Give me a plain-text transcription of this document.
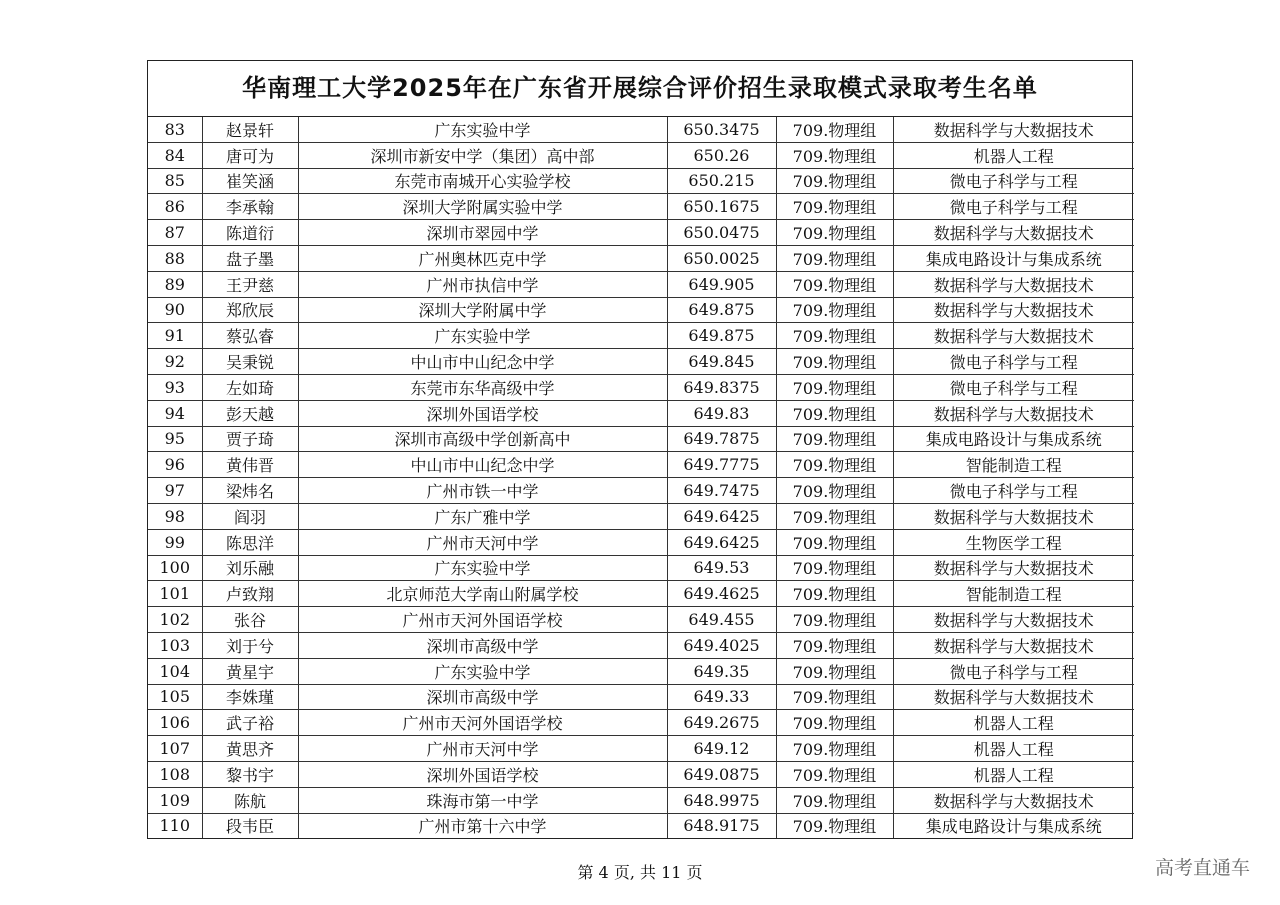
华南理工大学2025年在广东省开展综合评价招生录取模式录取考生名单
83	赵景轩	广东实验中学	650.3475	709.物理组	数据科学与大数据技术
84	唐可为	深圳市新安中学（集团）高中部	650.26	709.物理组	机器人工程
85	崔笑涵	东莞市南城开心实验学校	650.215	709.物理组	微电子科学与工程
86	李承翰	深圳大学附属实验中学	650.1675	709.物理组	微电子科学与工程
87	陈道衍	深圳市翠园中学	650.0475	709.物理组	数据科学与大数据技术
88	盘子墨	广州奥林匹克中学	650.0025	709.物理组	集成电路设计与集成系统
89	王尹慈	广州市执信中学	649.905	709.物理组	数据科学与大数据技术
90	郑欣辰	深圳大学附属中学	649.875	709.物理组	数据科学与大数据技术
91	蔡弘睿	广东实验中学	649.875	709.物理组	数据科学与大数据技术
92	吴秉锐	中山市中山纪念中学	649.845	709.物理组	微电子科学与工程
93	左如琦	东莞市东华高级中学	649.8375	709.物理组	微电子科学与工程
94	彭天越	深圳外国语学校	649.83	709.物理组	数据科学与大数据技术
95	贾子琦	深圳市高级中学创新高中	649.7875	709.物理组	集成电路设计与集成系统
96	黄伟晋	中山市中山纪念中学	649.7775	709.物理组	智能制造工程
97	梁炜名	广州市铁一中学	649.7475	709.物理组	微电子科学与工程
98	阎羽	广东广雅中学	649.6425	709.物理组	数据科学与大数据技术
99	陈思洋	广州市天河中学	649.6425	709.物理组	生物医学工程
100	刘乐融	广东实验中学	649.53	709.物理组	数据科学与大数据技术
101	卢致翔	北京师范大学南山附属学校	649.4625	709.物理组	智能制造工程
102	张谷	广州市天河外国语学校	649.455	709.物理组	数据科学与大数据技术
103	刘于兮	深圳市高级中学	649.4025	709.物理组	数据科学与大数据技术
104	黄星宇	广东实验中学	649.35	709.物理组	微电子科学与工程
105	李姝瑾	深圳市高级中学	649.33	709.物理组	数据科学与大数据技术
106	武子裕	广州市天河外国语学校	649.2675	709.物理组	机器人工程
107	黄思齐	广州市天河中学	649.12	709.物理组	机器人工程
108	黎书宇	深圳外国语学校	649.0875	709.物理组	机器人工程
109	陈航	珠海市第一中学	648.9975	709.物理组	数据科学与大数据技术
110	段韦臣	广州市第十六中学	648.9175	709.物理组	集成电路设计与集成系统
第 4 页, 共 11 页	高考直通车
